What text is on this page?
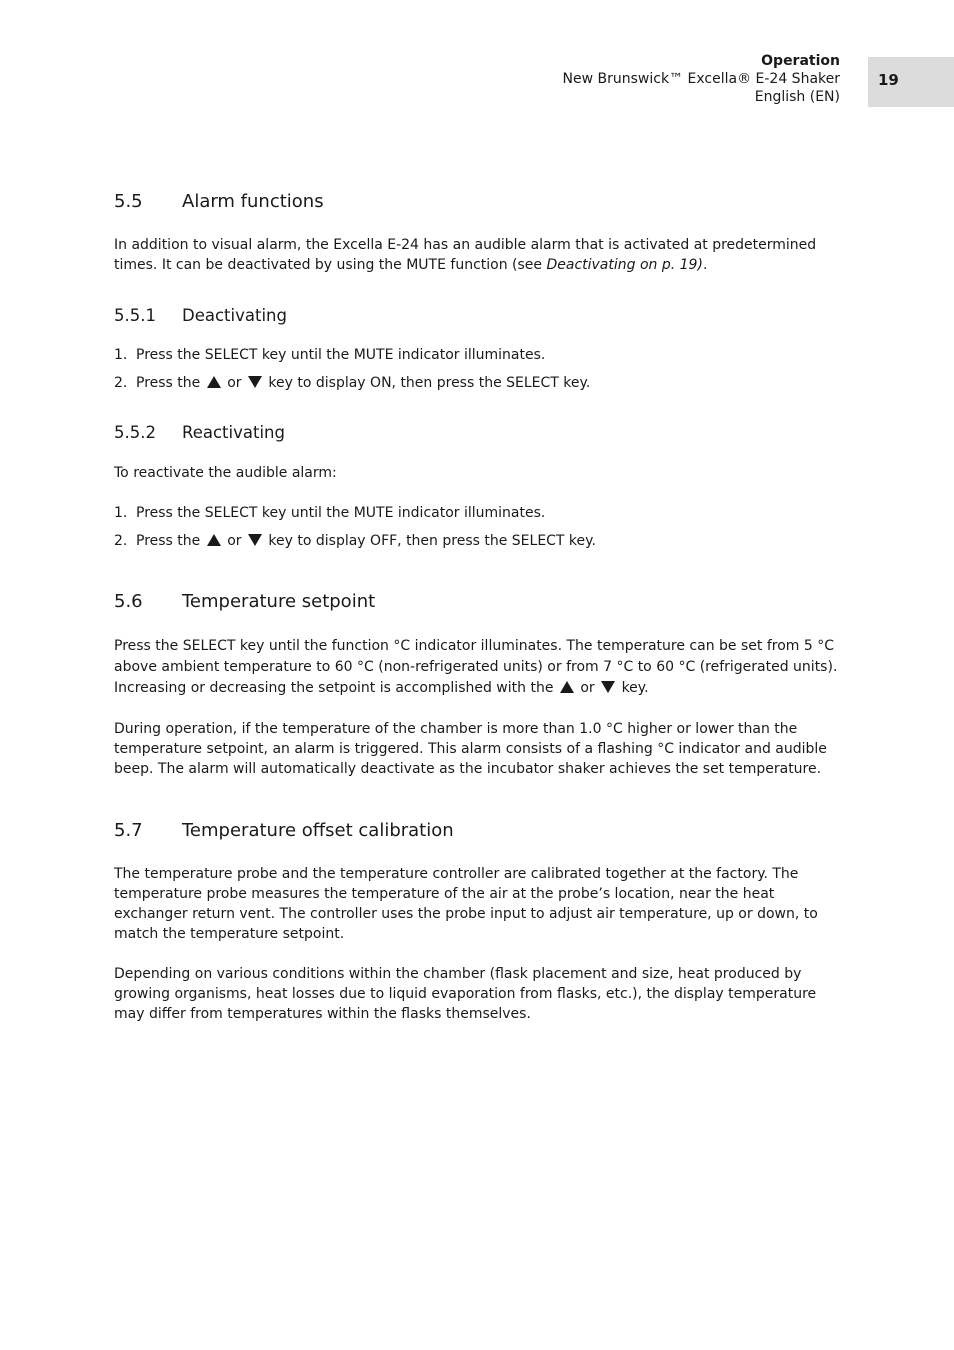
Operation
New Brunswick™ Excella® E-24 Shaker
English (EN)
19
5.5 Alarm functions
In addition to visual alarm, the Excella E-24 has an audible alarm that is activated at predetermined times. It can be deactivated by using the MUTE function (see Deactivating on p. 19).
5.5.1 Deactivating
1. Press the SELECT key until the MUTE indicator illuminates.
2. Press the or key to display ON, then press the SELECT key.
5.5.2 Reactivating
To reactivate the audible alarm:
1. Press the SELECT key until the MUTE indicator illuminates.
2. Press the or key to display OFF, then press the SELECT key.
5.6 Temperature setpoint
Press the SELECT key until the function °C indicator illuminates. The temperature can be set from 5 °C above ambient temperature to 60 °C (non-refrigerated units) or from 7 °C to 60 °C (refrigerated units). Increasing or decreasing the setpoint is accomplished with the or key.
During operation, if the temperature of the chamber is more than 1.0 °C higher or lower than the temperature setpoint, an alarm is triggered. This alarm consists of a flashing °C indicator and audible beep. The alarm will automatically deactivate as the incubator shaker achieves the set temperature.
5.7 Temperature offset calibration
The temperature probe and the temperature controller are calibrated together at the factory. The temperature probe measures the temperature of the air at the probe’s location, near the heat exchanger return vent. The controller uses the probe input to adjust air temperature, up or down, to match the temperature setpoint.
Depending on various conditions within the chamber (flask placement and size, heat produced by growing organisms, heat losses due to liquid evaporation from flasks, etc.), the display temperature may differ from temperatures within the flasks themselves.
